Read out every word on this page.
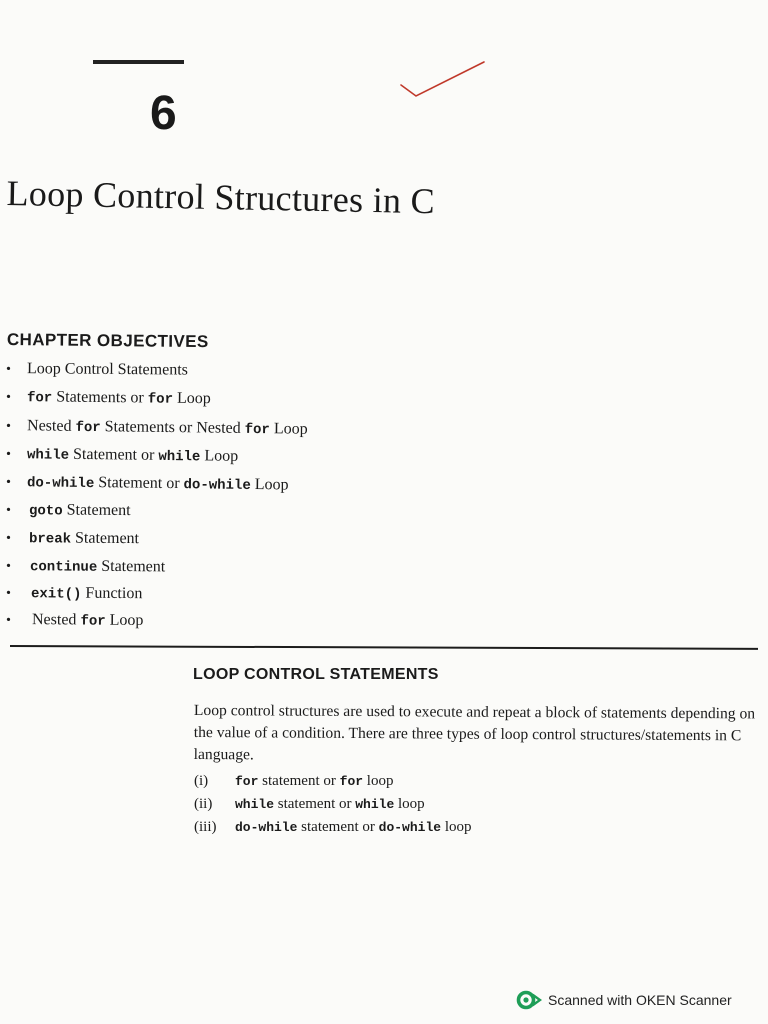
6
Loop Control Structures in C
CHAPTER OBJECTIVES
• Loop Control Statements
• for Statements or for Loop
• Nested for Statements or Nested for Loop
• while Statement or while Loop
• do-while Statement or do-while Loop
• goto Statement
• break Statement
• continue Statement
• exit() Function
• Nested for Loop
LOOP CONTROL STATEMENTS
Loop control structures are used to execute and repeat a block of statements depending on the value of a condition. There are three types of loop control structures/statements in C language.
(i) for statement or for loop
(ii) while statement or while loop
(iii) do-while statement or do-while loop
Scanned with OKEN Scanner
